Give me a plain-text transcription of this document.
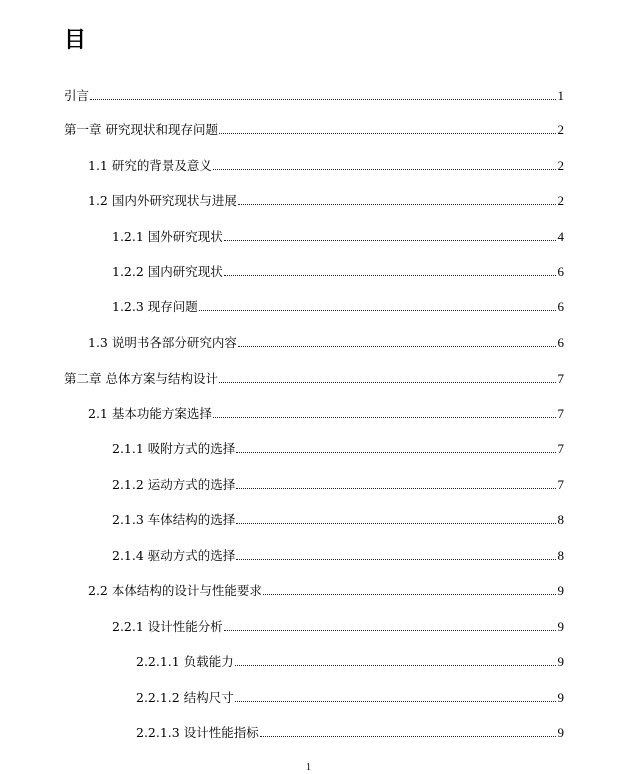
目
引言	1
第一章 研究现状和现存问题	2
1.1 研究的背景及意义	2
1.2 国内外研究现状与进展	2
1.2.1 国外研究现状	4
1.2.2 国内研究现状	6
1.2.3 现存问题	6
1.3 说明书各部分研究内容	6
第二章 总体方案与结构设计	7
2.1 基本功能方案选择	7
2.1.1 吸附方式的选择	7
2.1.2 运动方式的选择	7
2.1.3 车体结构的选择	8
2.1.4 驱动方式的选择	8
2.2 本体结构的设计与性能要求	9
2.2.1 设计性能分析	9
2.2.1.1 负载能力	9
2.2.1.2 结构尺寸	9
2.2.1.3 设计性能指标	9
1
